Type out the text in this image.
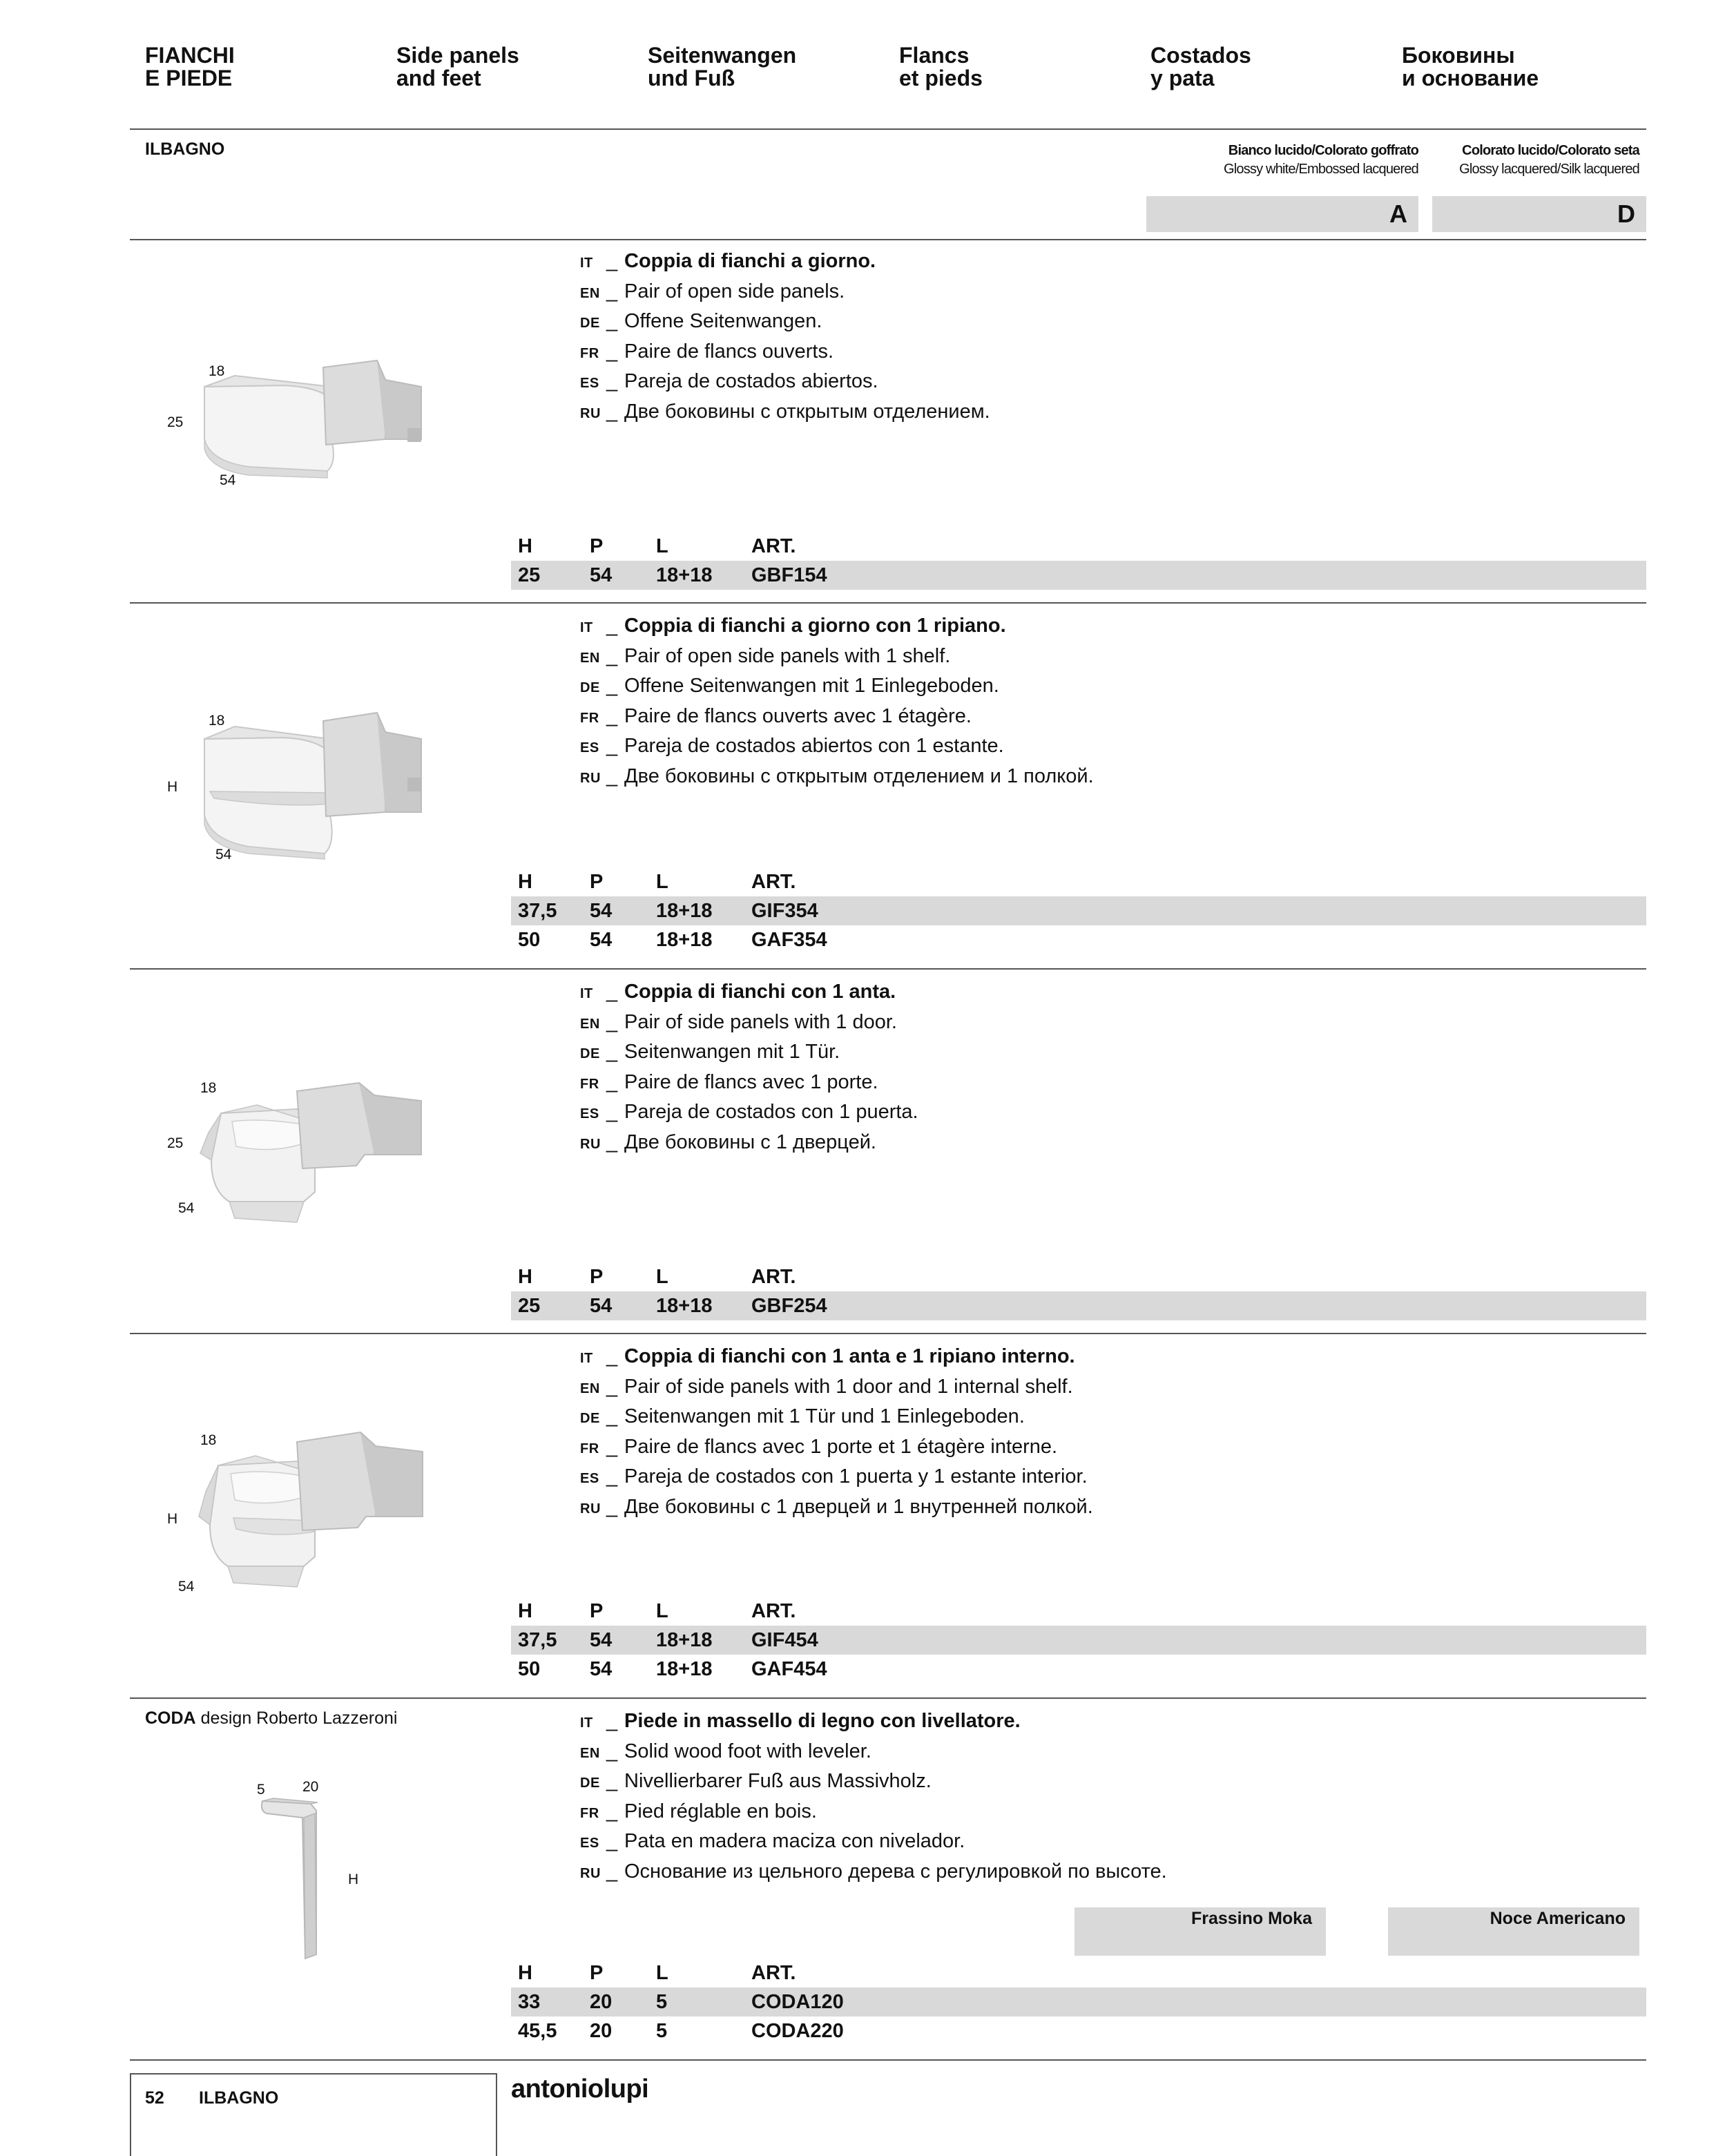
FIANCHI
E PIEDE
Side panels
and feet
Seitenwangen
und Fuß
Flancs
et pieds
Costados
y pata
Боковины
и основание
ILBAGNO	Bianco lucido/Colorato goffrato
Glossy white/Embossed lacquered
Colorato lucido/Colorato seta
Glossy lacquered/Silk lacquered
A	D
IT _ Coppia di fianchi a giorno.
EN _ Pair of open side panels.
DE _ Offene Seitenwangen.
FR _ Paire de flancs ouverts.
ES _ Pareja de costados abiertos.
RU _ Две боковины с открытым отделением.
18
25
54
H	P	L	ART.
25 54 18+18 GBF154
IT _ Coppia di fianchi a giorno con 1 ripiano.
EN _ Pair of open side panels with 1 shelf.
DE _ Offene Seitenwangen mit 1 Einlegeboden.
FR _ Paire de flancs ouverts avec 1 étagère.
ES _ Pareja de costados abiertos con 1 estante.
RU _ Две боковины с открытым отделением и 1 полкой.
18
H
54
H	P	L	ART.
37,5 54 18+18 GIF354
50 54 18+18 GAF354
IT _ Coppia di fianchi con 1 anta.
EN _ Pair of side panels with 1 door.
DE _ Seitenwangen mit 1 Tür.
FR _ Paire de flancs avec 1 porte.
ES _ Pareja de costados con 1 puerta.
RU _ Две боковины с 1 дверцей.
18
25
54
H	P	L	ART.
25 54 18+18 GBF254
IT _ Coppia di fianchi con 1 anta e 1 ripiano interno.
EN _ Pair of side panels with 1 door and 1 internal shelf.
DE _ Seitenwangen mit 1 Tür und 1 Einlegeboden.
FR _ Paire de flancs avec 1 porte et 1 étagère interne.
ES _ Pareja de costados con 1 puerta y 1 estante interior.
RU _ Две боковины с 1 дверцей и 1 внутренней полкой.
18
H
54
H	P	L	ART.
37,5 54 18+18 GIF454
50 54 18+18 GAF454
CODA design Roberto Lazzeroni	IT _ Piede in massello di legno con livellatore.
EN _ Solid wood foot with leveler.
DE _ Nivellierbarer Fuß aus Massivholz.
FR _ Pied réglable en bois.
ES _ Pata en madera maciza con nivelador.
RU _ Основание из цельного дерева с регулировкой по высоте.
5	20
H
Frassino Moka	Noce Americano
H	P	L	ART.
33 20 5	CODA120
45,5 20 5	CODA220
52 ILBAGNO	antoniolupi
